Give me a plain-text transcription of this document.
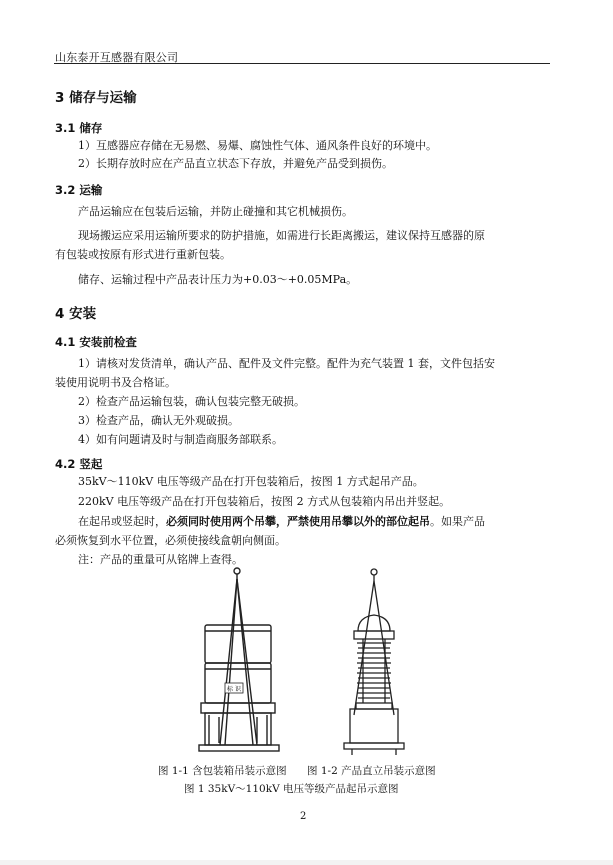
山东泰开互感器有限公司
3 储存与运输
3.1 储存
1）互感器应存储在无易燃、易爆、腐蚀性气体、通风条件良好的环境中。
2）长期存放时应在产品直立状态下存放，并避免产品受到损伤。
3.2 运输
产品运输应在包装后运输，并防止碰撞和其它机械损伤。
现场搬运应采用运输所要求的防护措施，如需进行长距离搬运，建议保持互感器的原
有包装或按原有形式进行重新包装。
储存、运输过程中产品表计压力为+0.03～+0.05MPa。
4 安装
4.1 安装前检查
1）请核对发货清单，确认产品、配件及文件完整。配件为充气装置 1 套，文件包括安
装使用说明书及合格证。
2）检查产品运输包装，确认包装完整无破损。
3）检查产品，确认无外观破损。
4）如有问题请及时与制造商服务部联系。
4.2 竖起
35kV～110kV 电压等级产品在打开包装箱后，按图 1 方式起吊产品。
220kV 电压等级产品在打开包装箱后，按图 2 方式从包装箱内吊出并竖起。
在起吊或竖起时，必须同时使用两个吊攀，严禁使用吊攀以外的部位起吊。如果产品
必须恢复到水平位置，必须使接线盒朝向侧面。
注：产品的重量可从铭牌上查得。
标 识
图 1-1 含包装箱吊装示意图 图 1-2 产品直立吊装示意图
图 1 35kV～110kV 电压等级产品起吊示意图
2
